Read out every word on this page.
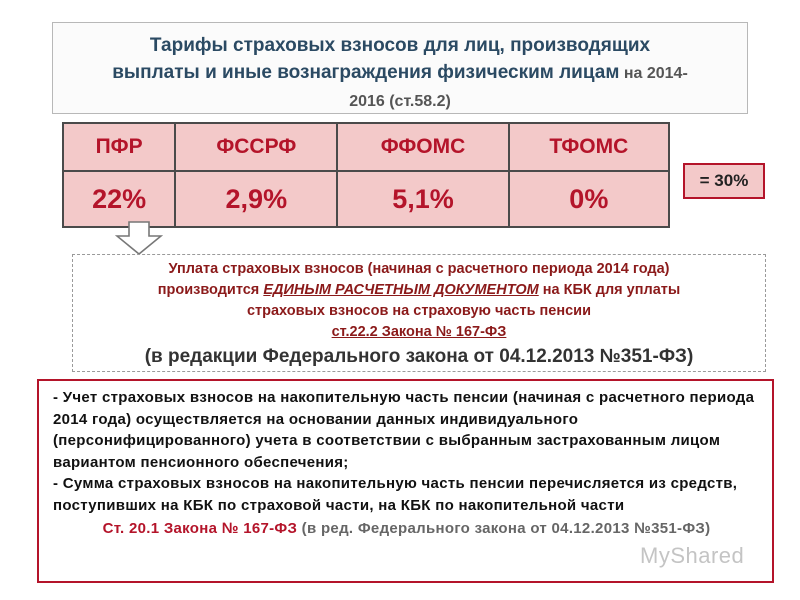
Тарифы страховых взносов для лиц, производящих
выплаты и иные вознаграждения физическим лицам на 2014-
2016 (ст.58.2)
ПФР	ФССРФ	ФФОМС	ТФОМС
22%	2,9%	5,1%	0%
= 30%
Уплата страховых взносов (начиная с расчетного периода 2014 года)
производится ЕДИНЫМ РАСЧЕТНЫМ ДОКУМЕНТОМ на КБК для уплаты
страховых взносов на страховую часть пенсии
ст.22.2 Закона № 167-ФЗ
(в редакции Федерального закона от 04.12.2013 №351-ФЗ)

- Учет страховых взносов на накопительную часть пенсии (начиная с расчетного периода 2014 года) осуществляется на основании данных индивидуального (персонифицированного) учета в соответствии с выбранным застрахованным лицом вариантом пенсионного обеспечения;

- Сумма страховых взносов на накопительную часть пенсии перечисляется из средств, поступивших на КБК по страховой части, на КБК по накопительной части

Ст. 20.1 Закона № 167-ФЗ (в ред. Федерального закона от 04.12.2013 №351-ФЗ)

MyShared
